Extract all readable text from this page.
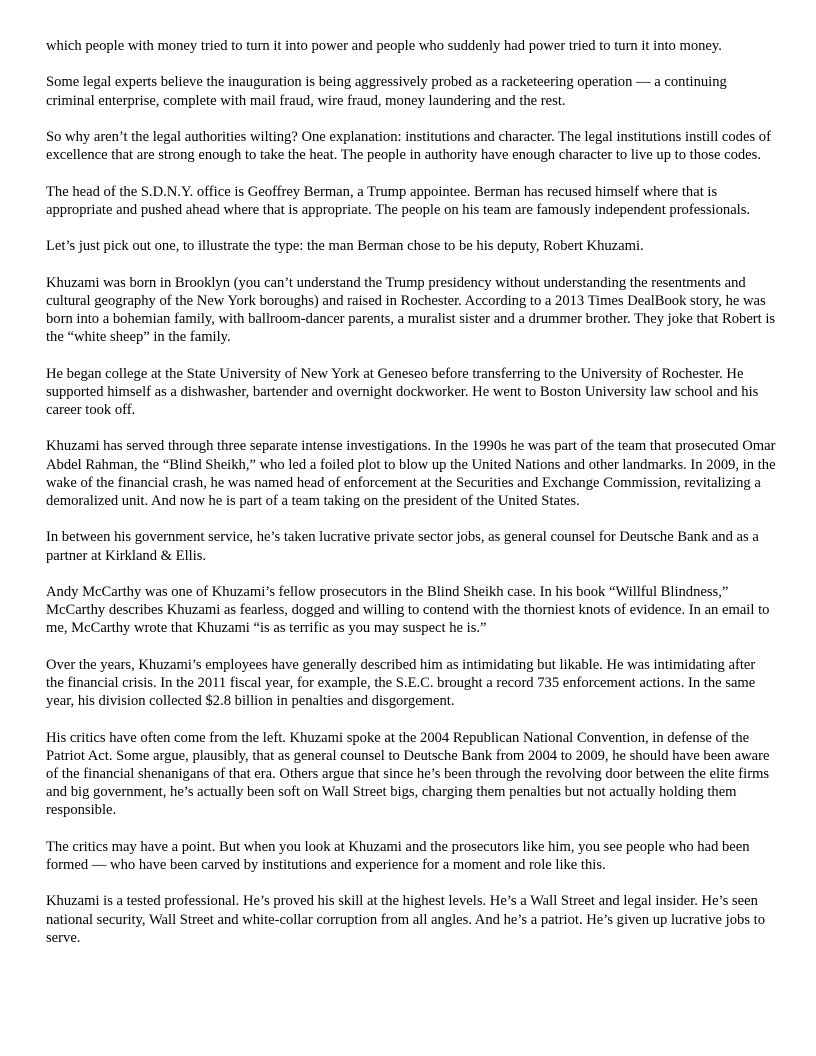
which people with money tried to turn it into power and people who suddenly had power tried to turn it into money.

Some legal experts believe the inauguration is being aggressively probed as a racketeering operation — a continuing criminal enterprise, complete with mail fraud, wire fraud, money laundering and the rest.

So why aren’t the legal authorities wilting? One explanation: institutions and character. The legal institutions instill codes of excellence that are strong enough to take the heat. The people in authority have enough character to live up to those codes.

The head of the S.D.N.Y. office is Geoffrey Berman, a Trump appointee. Berman has recused himself where that is appropriate and pushed ahead where that is appropriate. The people on his team are famously independent professionals.

Let’s just pick out one, to illustrate the type: the man Berman chose to be his deputy, Robert Khuzami.

Khuzami was born in Brooklyn (you can’t understand the Trump presidency without understanding the resentments and cultural geography of the New York boroughs) and raised in Rochester. According to a 2013 Times DealBook story, he was born into a bohemian family, with ballroom-dancer parents, a muralist sister and a drummer brother. They joke that Robert is the “white sheep” in the family.

He began college at the State University of New York at Geneseo before transferring to the University of Rochester. He supported himself as a dishwasher, bartender and overnight dockworker. He went to Boston University law school and his career took off.

Khuzami has served through three separate intense investigations. In the 1990s he was part of the team that prosecuted Omar Abdel Rahman, the “Blind Sheikh,” who led a foiled plot to blow up the United Nations and other landmarks. In 2009, in the wake of the financial crash, he was named head of enforcement at the Securities and Exchange Commission, revitalizing a demoralized unit. And now he is part of a team taking on the president of the United States.

In between his government service, he’s taken lucrative private sector jobs, as general counsel for Deutsche Bank and as a partner at Kirkland & Ellis.

Andy McCarthy was one of Khuzami’s fellow prosecutors in the Blind Sheikh case. In his book “Willful Blindness,” McCarthy describes Khuzami as fearless, dogged and willing to contend with the thorniest knots of evidence. In an email to me, McCarthy wrote that Khuzami “is as terrific as you may suspect he is.”

Over the years, Khuzami’s employees have generally described him as intimidating but likable. He was intimidating after the financial crisis. In the 2011 fiscal year, for example, the S.E.C. brought a record 735 enforcement actions. In the same year, his division collected $2.8 billion in penalties and disgorgement.

His critics have often come from the left. Khuzami spoke at the 2004 Republican National Convention, in defense of the Patriot Act. Some argue, plausibly, that as general counsel to Deutsche Bank from 2004 to 2009, he should have been aware of the financial shenanigans of that era. Others argue that since he’s been through the revolving door between the elite firms and big government, he’s actually been soft on Wall Street bigs, charging them penalties but not actually holding them responsible.

The critics may have a point. But when you look at Khuzami and the prosecutors like him, you see people who had been formed — who have been carved by institutions and experience for a moment and role like this.

Khuzami is a tested professional. He’s proved his skill at the highest levels. He’s a Wall Street and legal insider. He’s seen national security, Wall Street and white-collar corruption from all angles. And he’s a patriot. He’s given up lucrative jobs to serve.
